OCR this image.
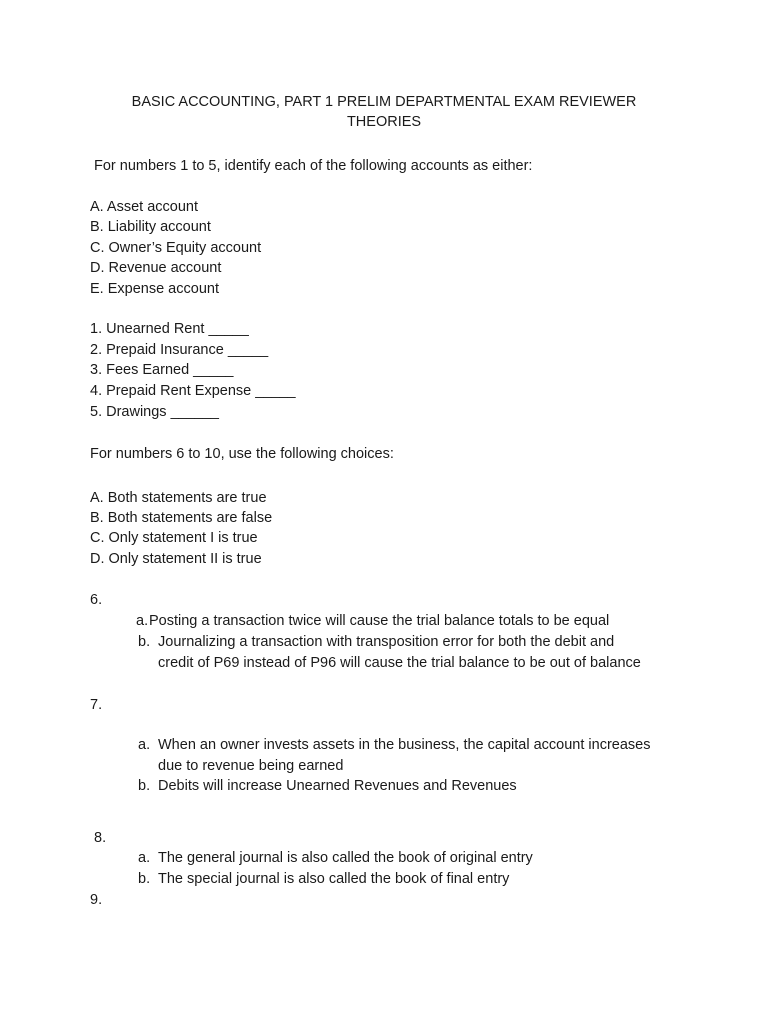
BASIC ACCOUNTING, PART 1 PRELIM DEPARTMENTAL EXAM REVIEWER
THEORIES
For numbers 1 to 5, identify each of the following accounts as either:
A. Asset account
B. Liability account
C. Owner’s Equity account
D. Revenue account
E. Expense account
1. Unearned Rent _____
2. Prepaid Insurance _____
3. Fees Earned _____
4. Prepaid Rent Expense _____
5. Drawings ______
For numbers 6 to 10, use the following choices:
A. Both statements are true
B. Both statements are false
C. Only statement I is true
D. Only statement II is true
6.
a. Posting a transaction twice will cause the trial balance totals to be equal
b. Journalizing a transaction with transposition error for both the debit and
credit of P69 instead of P96 will cause the trial balance to be out of balance
7.
a. When an owner invests assets in the business, the capital account increases
due to revenue being earned
b. Debits will increase Unearned Revenues and Revenues
8.
a. The general journal is also called the book of original entry
b. The special journal is also called the book of final entry
9.
